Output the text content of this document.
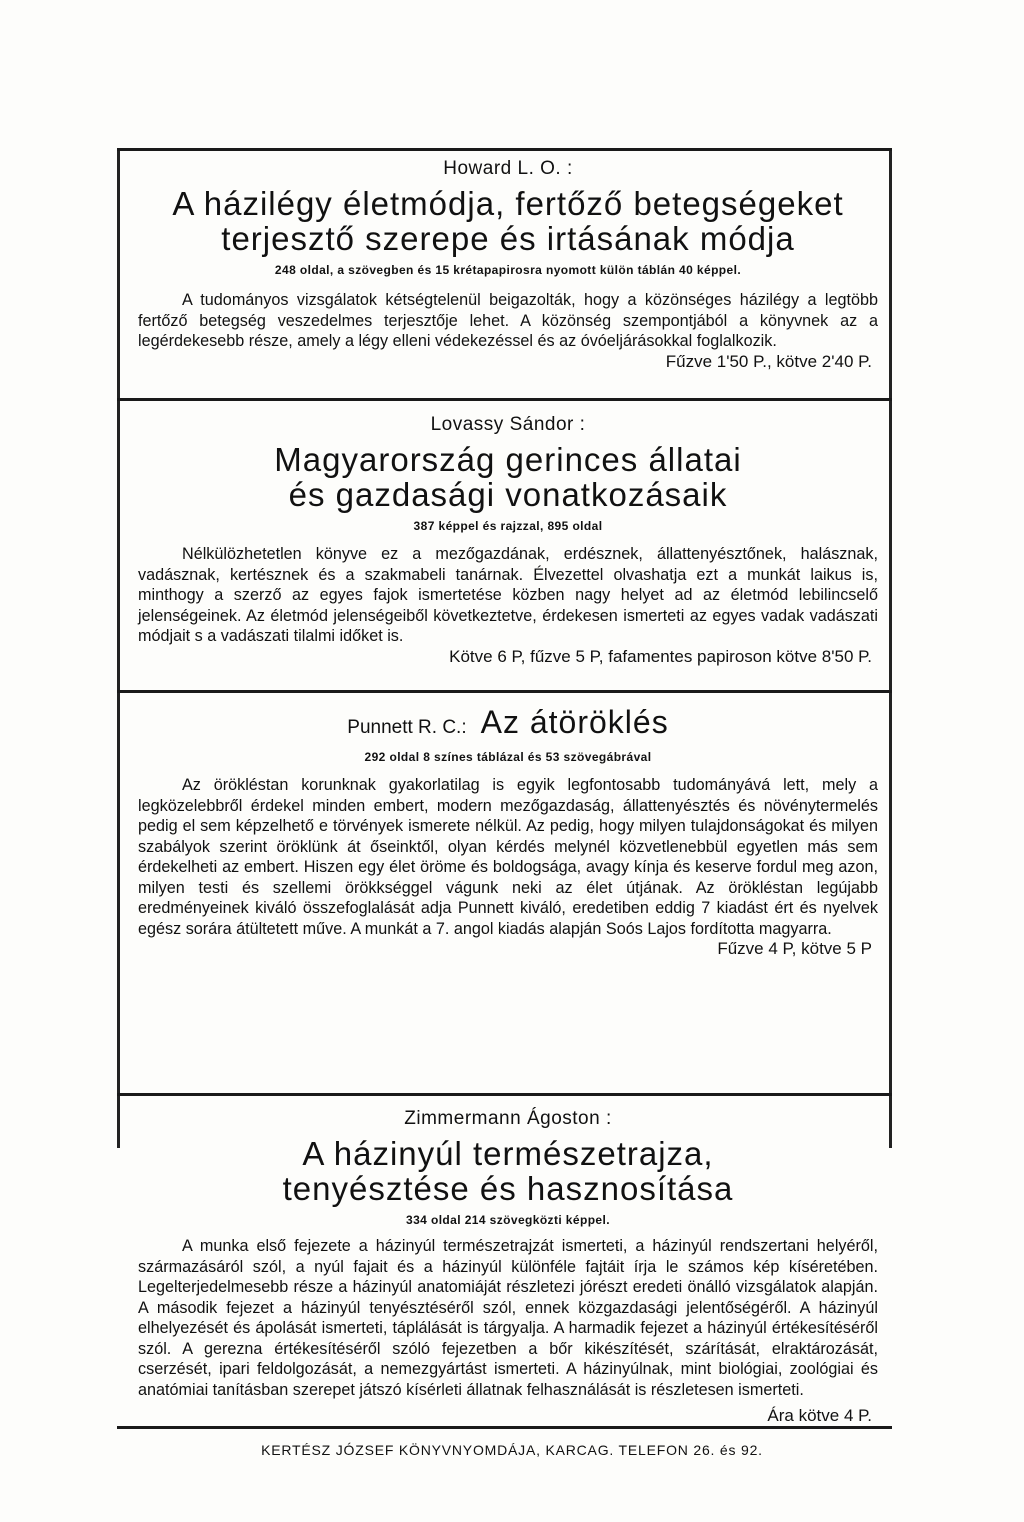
Howard L. O. :

A házilégy életmódja, fertőző betegségeket
terjesztő szerepe és irtásának módja

248 oldal, a szövegben és 15 krétapapirosra nyomott külön táblán 40 képpel.

A tudományos vizsgálatok kétségtelenül beigazolták, hogy a közönséges házilégy a legtöbb fertőző betegség veszedelmes terjesztője lehet. A közönség szempontjából a könyvnek az a legérdekesebb része, amely a légy elleni védekezéssel és az óvóeljárásokkal foglalkozik.

Fűzve 1'50 P., kötve 2'40 P.

Lovassy Sándor :

Magyarország gerinces állatai
és gazdasági vonatkozásaik

387 képpel és rajzzal, 895 oldal

Nélkülözhetetlen könyve ez a mezőgazdának, erdésznek, állattenyésztőnek, halásznak, vadásznak, kertésznek és a szakmabeli tanárnak. Élvezettel olvashatja ezt a munkát laikus is, minthogy a szerző az egyes fajok ismertetése közben nagy helyet ad az életmód lebilincselő jelenségeinek. Az életmód jelenségeiből következtetve, érdekesen ismerteti az egyes vadak vadászati módjait s a vadászati tilalmi időket is.

Kötve 6 P, fűzve 5 P, fafamentes papiroson kötve 8'50 P.

Punnett R. C.: Az átöröklés

292 oldal 8 színes táblázal és 53 szövegábrával

Az örökléstan korunknak gyakorlatilag is egyik legfontosabb tudományává lett, mely a legközelebbről érdekel minden embert, modern mezőgazdaság, állattenyésztés és növénytermelés pedig el sem képzelhető e törvények ismerete nélkül. Az pedig, hogy milyen tulajdonságokat és milyen szabályok szerint öröklünk át őseinktől, olyan kérdés melynél közvetlenebbül egyetlen más sem érdekelheti az embert. Hiszen egy élet öröme és boldogsága, avagy kínja és keserve fordul meg azon, milyen testi és szellemi örökkséggel vágunk neki az élet útjának. Az örökléstan legújabb eredményeinek kiváló összefoglalását adja Punnett kiváló, eredetiben eddig 7 kiadást ért és nyelvek egész sorára átültetett műve. A munkát a 7. angol kiadás alapján Soós Lajos fordította magyarra.

Fűzve 4 P, kötve 5 P

Zimmermann Ágoston :

A házinyúl természetrajza,
tenyésztése és hasznosítása

334 oldal 214 szövegközti képpel.

A munka első fejezete a házinyúl természetrajzát ismerteti, a házinyúl rendszertani helyéről, származásáról szól, a nyúl fajait és a házinyúl különféle fajtáit írja le számos kép kíséretében. Legelterjedelmesebb része a házinyúl anatomiáját részletezi jórészt eredeti önálló vizsgálatok alapján. A második fejezet a házinyúl tenyésztéséről szól, ennek közgazdasági jelentőségéről. A házinyúl elhelyezését és ápolását ismerteti, táplálását is tárgyalja. A harmadik fejezet a házinyúl értékesítéséről szól. A gerezna értékesítéséről szóló fejezetben a bőr kikészítését, szárítását, elraktározását, cserzését, ipari feldolgozását, a nemezgyártást ismerteti. A házinyúlnak, mint biológiai, zoológiai és anatómiai tanításban szerepet játszó kísérleti állatnak felhasználását is részletesen ismerteti.

Ára kötve 4 P.

KERTÉSZ JÓZSEF KÖNYVNYOMDÁJA, KARCAG. TELEFON 26. és 92.
